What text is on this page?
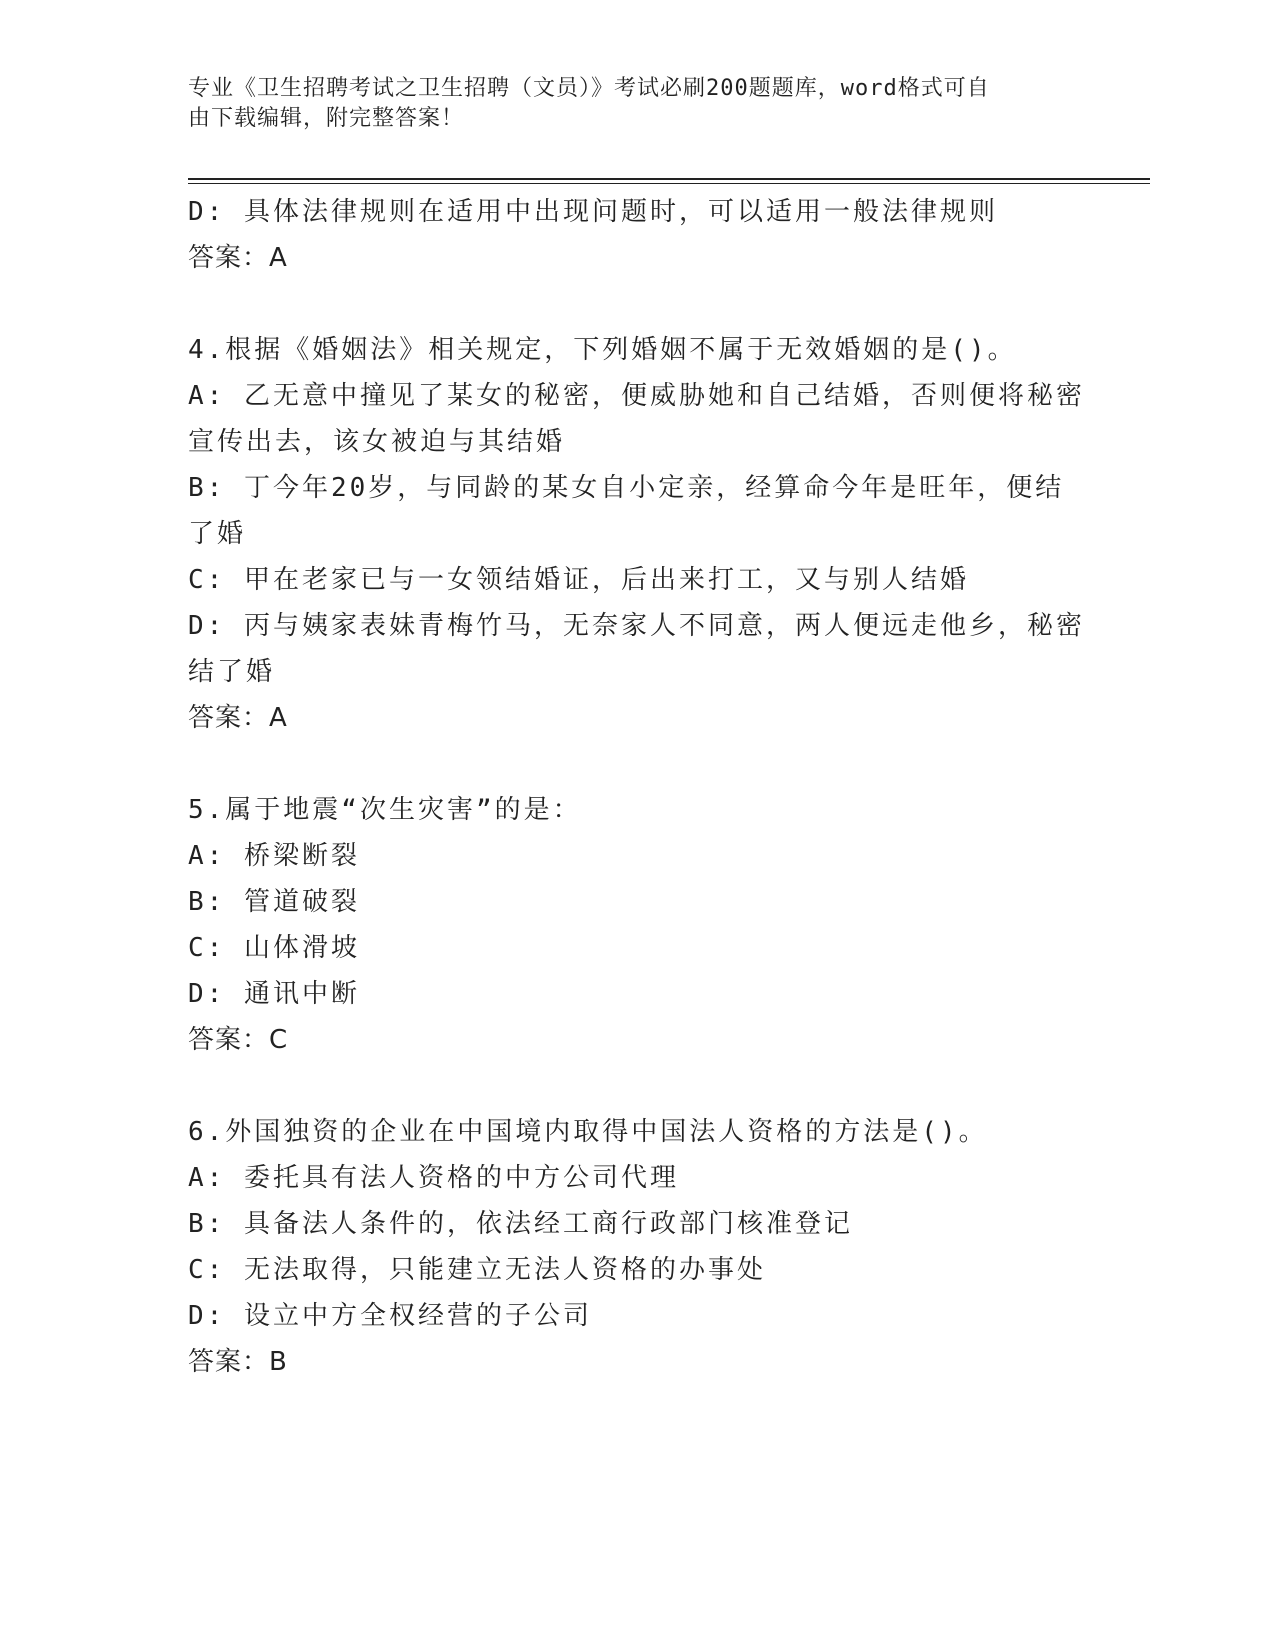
专业《卫生招聘考试之卫生招聘（文员）》考试必刷200题题库，word格式可自
由下载编辑，附完整答案！

D: 具体法律规则在适用中出现问题时，可以适用一般法律规则

答案：A

4.根据《婚姻法》相关规定，下列婚姻不属于无效婚姻的是()。

A: 乙无意中撞见了某女的秘密，便威胁她和自己结婚，否则便将秘密

宣传出去，该女被迫与其结婚

B: 丁今年20岁，与同龄的某女自小定亲，经算命今年是旺年，便结

了婚

C: 甲在老家已与一女领结婚证，后出来打工，又与别人结婚

D: 丙与姨家表妹青梅竹马，无奈家人不同意，两人便远走他乡，秘密

结了婚

答案：A

5.属于地震“次生灾害”的是：

A: 桥梁断裂

B: 管道破裂

C: 山体滑坡

D: 通讯中断

答案：C

6.外国独资的企业在中国境内取得中国法人资格的方法是()。

A: 委托具有法人资格的中方公司代理

B: 具备法人条件的，依法经工商行政部门核准登记

C: 无法取得，只能建立无法人资格的办事处

D: 设立中方全权经营的子公司

答案：B
